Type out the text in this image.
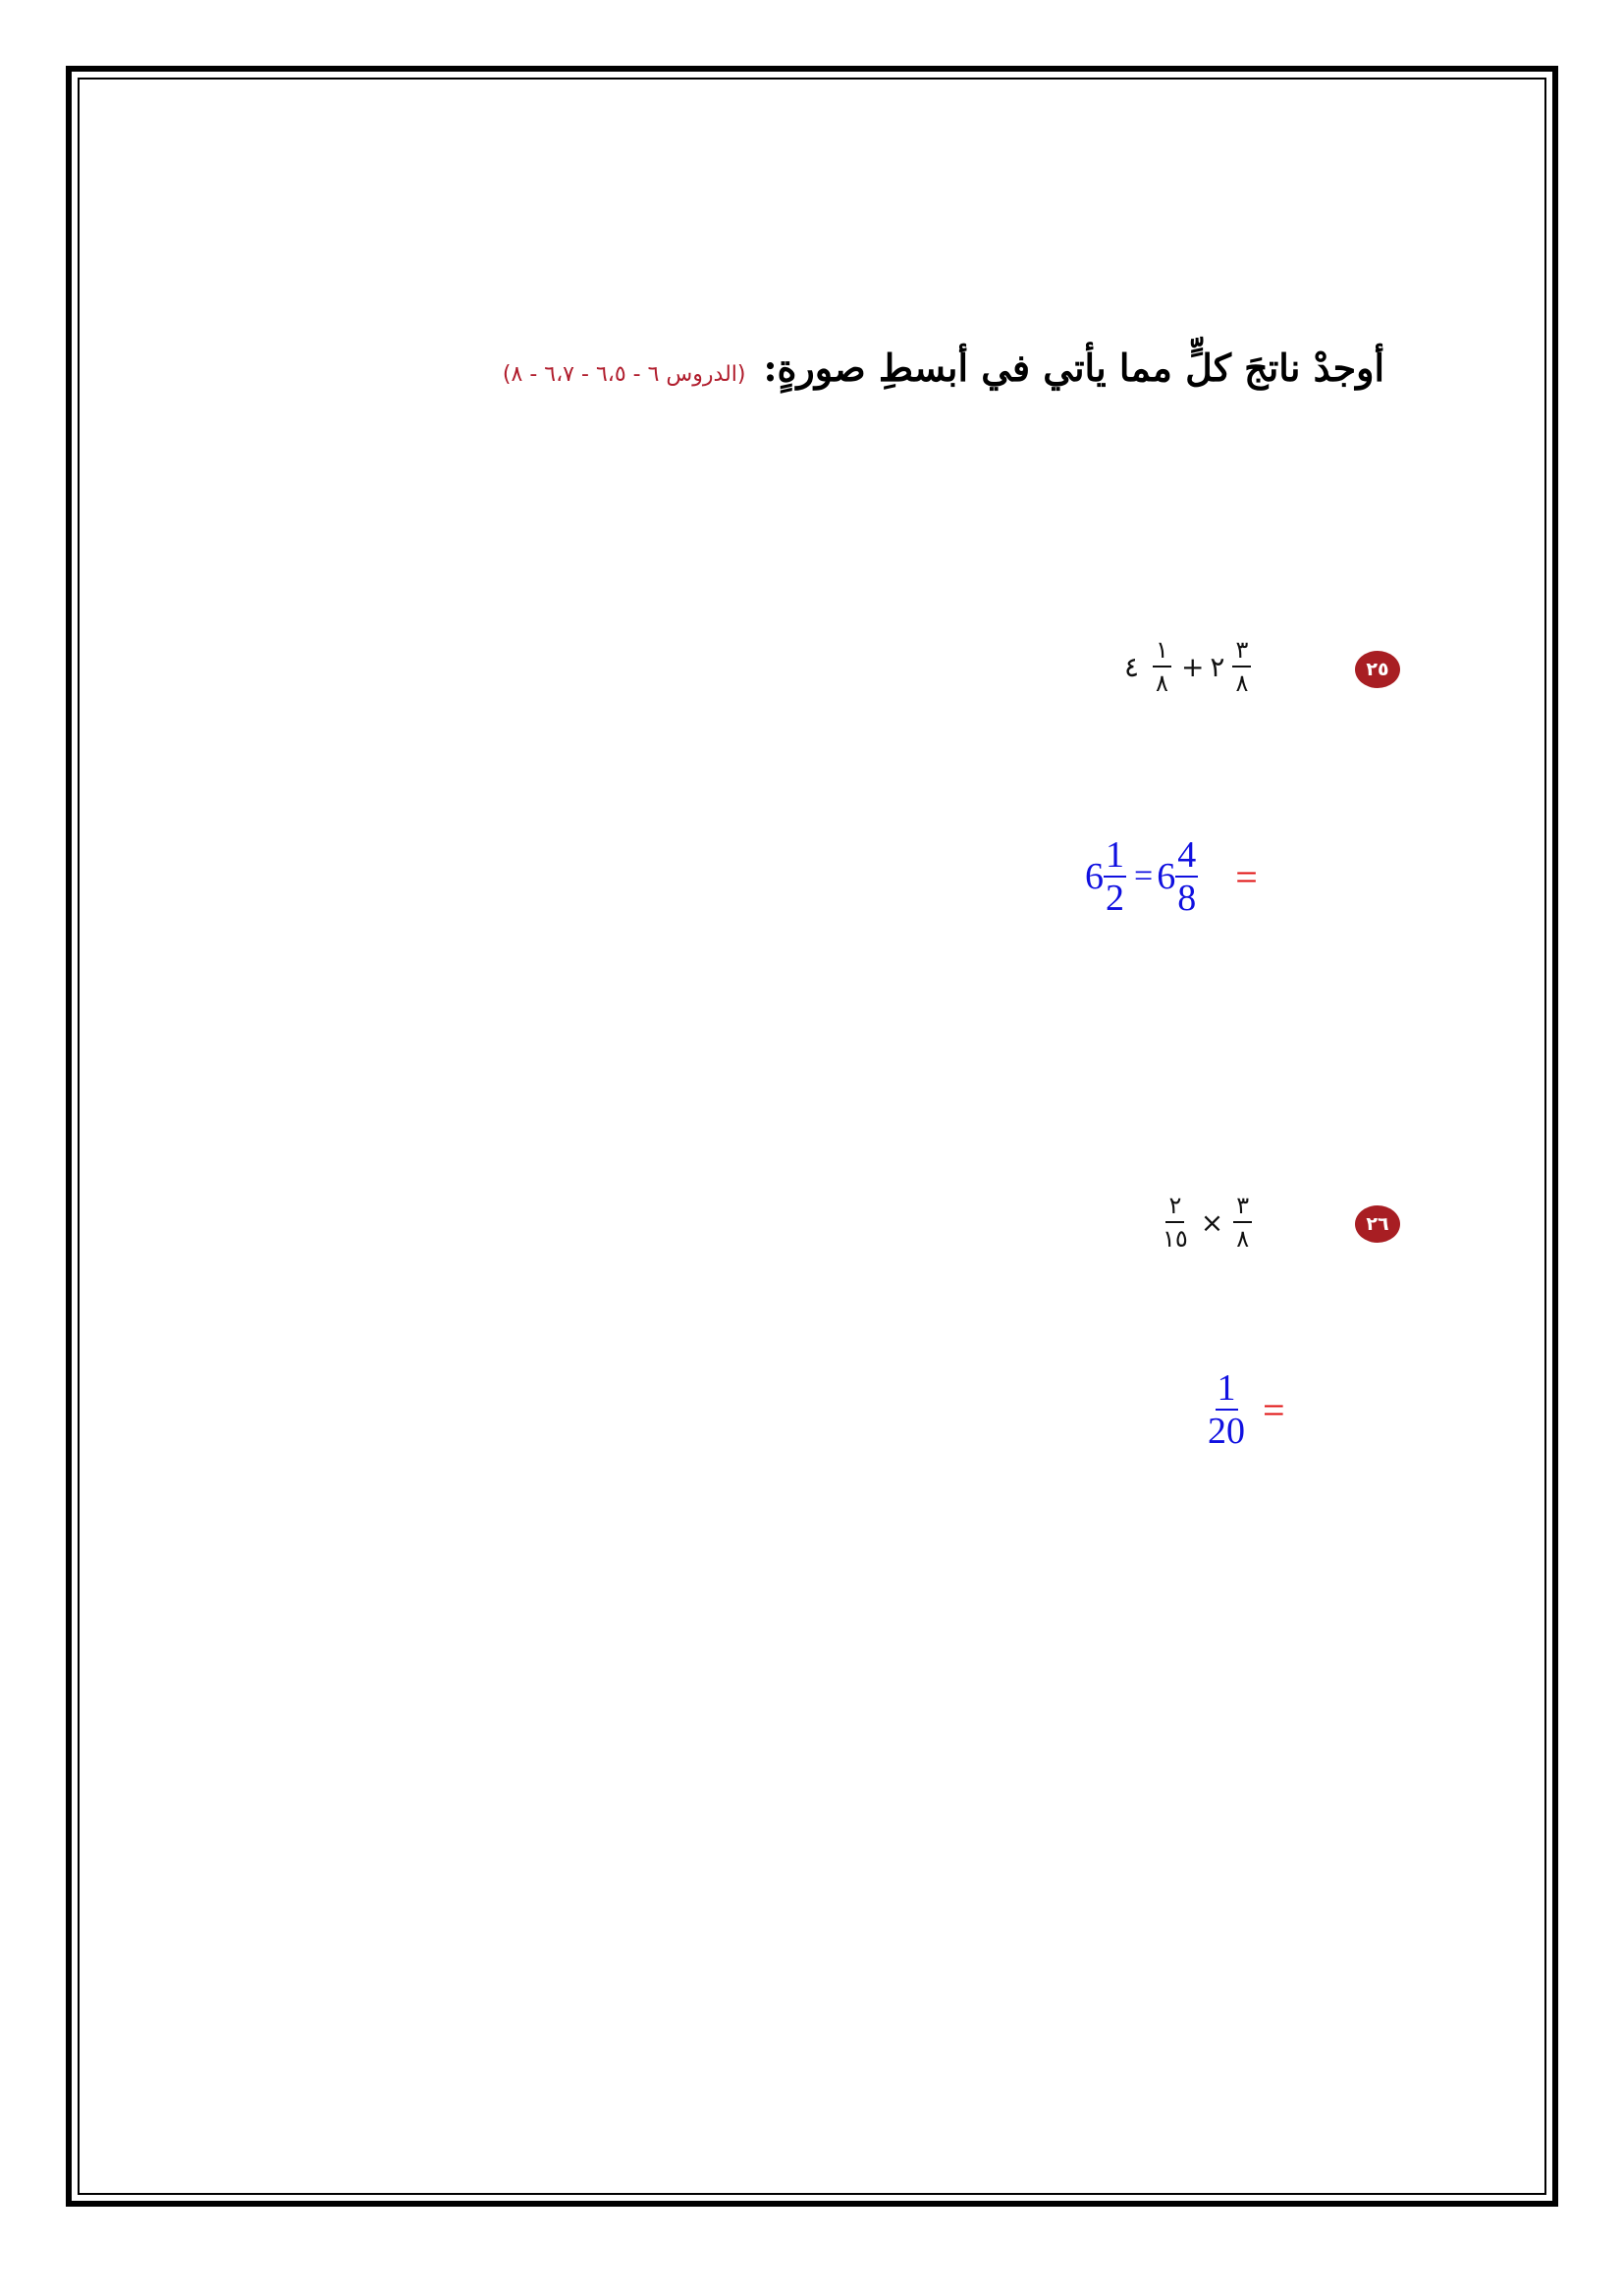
أوجدْ ناتجَ كلٍّ مما يأتي في أبسطِ صورةٍ:
(الدروس ٦ - ٦،٥ - ٦،٧ - ٨)
٢٥
٤ $\frac{١}{٨}$ + ٢ $\frac{٣}{٨}$
$6 \frac{1}{2} = 6 \frac{4}{8}$ =
٢٦
$\frac{٢}{١٥} \times \frac{٣}{٨}$
$\frac{1}{20}$ =
